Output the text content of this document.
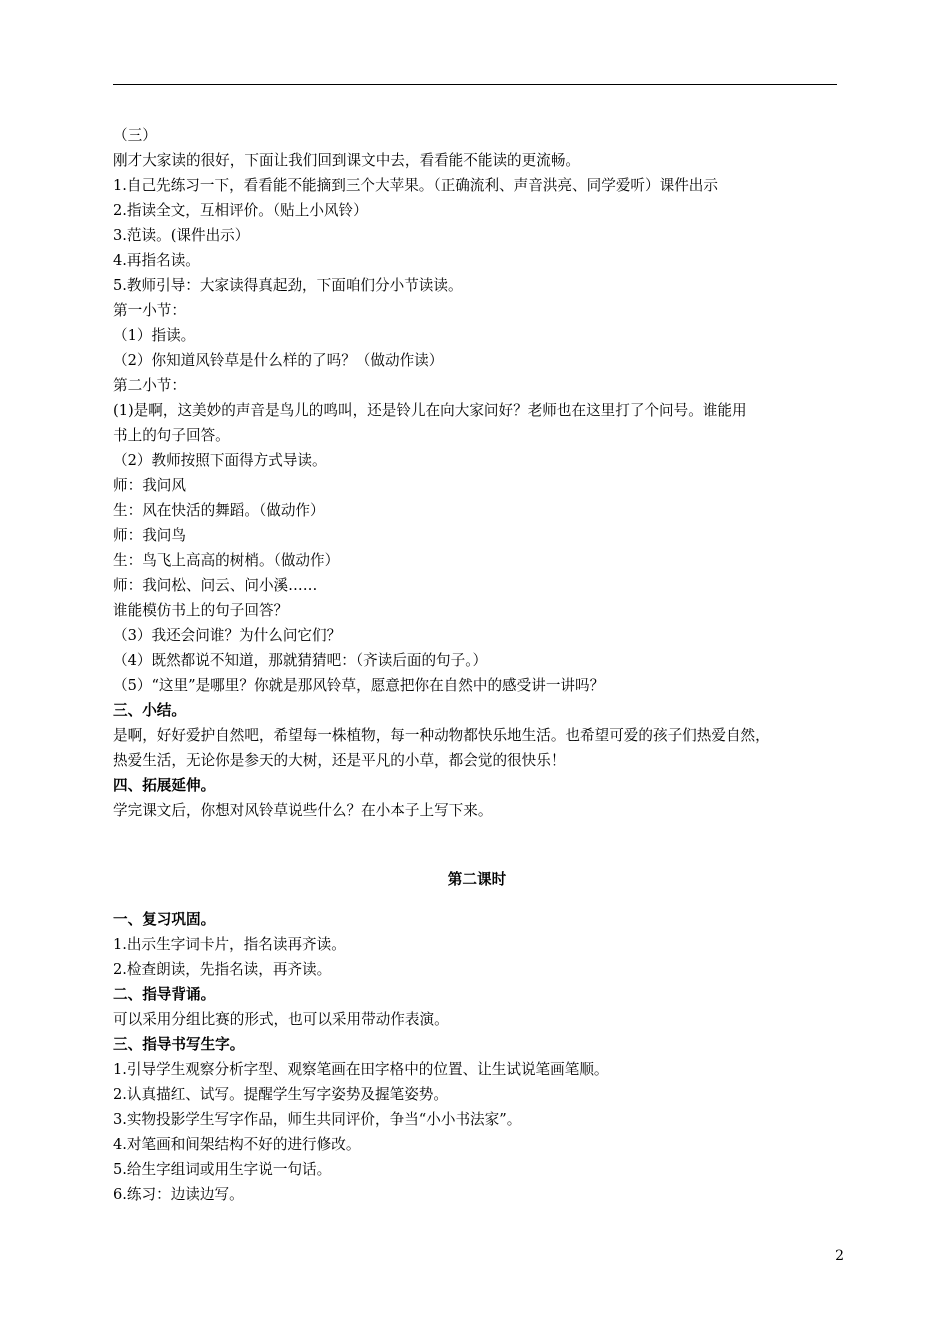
（三）
刚才大家读的很好，下面让我们回到课文中去，看看能不能读的更流畅。
1.自己先练习一下，看看能不能摘到三个大苹果。（正确流利、声音洪亮、同学爱听）课件出示
2.指读全文，互相评价。（贴上小风铃）
3.范读。(课件出示）
4.再指名读。
5.教师引导：大家读得真起劲，下面咱们分小节读读。
第一小节：
（1）指读。
（2）你知道风铃草是什么样的了吗？（做动作读）
第二小节：
(1)是啊，这美妙的声音是鸟儿的鸣叫，还是铃儿在向大家问好？老师也在这里打了个问号。谁能用
书上的句子回答。
（2）教师按照下面得方式导读。
师：我问风
生：风在快活的舞蹈。（做动作）
师：我问鸟
生：鸟飞上高高的树梢。（做动作）
师：我问松、问云、问小溪……
谁能模仿书上的句子回答？
（3）我还会问谁？为什么问它们？
（4）既然都说不知道，那就猜猜吧：（齐读后面的句子。）
（5）“这里”是哪里？你就是那风铃草，愿意把你在自然中的感受讲一讲吗？
三、小结。
是啊，好好爱护自然吧，希望每一株植物，每一种动物都快乐地生活。也希望可爱的孩子们热爱自然，
热爱生活，无论你是参天的大树，还是平凡的小草，都会觉的很快乐！
四、拓展延伸。
学完课文后，你想对风铃草说些什么？在小本子上写下来。
第二课时
一、复习巩固。
1.出示生字词卡片，指名读再齐读。
2.检查朗读，先指名读，再齐读。
二、指导背诵。
可以采用分组比赛的形式，也可以采用带动作表演。
三、指导书写生字。
1.引导学生观察分析字型、观察笔画在田字格中的位置、让生试说笔画笔顺。
2.认真描红、试写。提醒学生写字姿势及握笔姿势。
3.实物投影学生写字作品，师生共同评价，争当“小小书法家”。
4.对笔画和间架结构不好的进行修改。
5.给生字组词或用生字说一句话。
6.练习：边读边写。
2
